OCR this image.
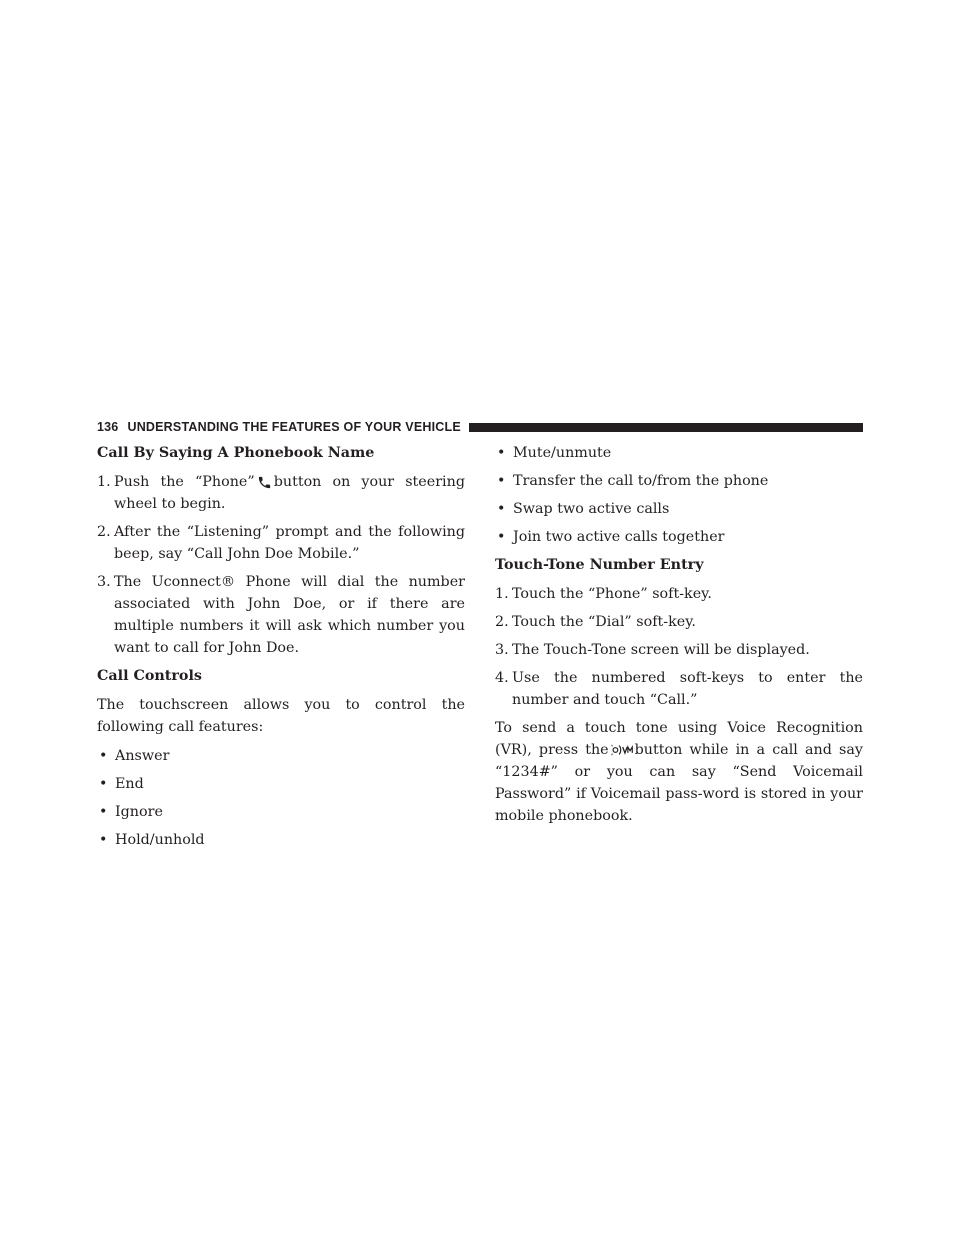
136 UNDERSTANDING THE FEATURES OF YOUR VEHICLE
Call By Saying A Phonebook Name
1. Push the “Phone” button on your steering wheel to begin.
2. After the “Listening” prompt and the following beep, say “Call John Doe Mobile.”
3. The Uconnect® Phone will dial the number associated with John Doe, or if there are multiple numbers it will ask which number you want to call for John Doe.
Call Controls
The touchscreen allows you to control the following call features:
• Answer
• End
• Ignore
• Hold/unhold
• Mute/unmute
• Transfer the call to/from the phone
• Swap two active calls
• Join two active calls together
Touch-Tone Number Entry
1. Touch the “Phone” soft-key.
2. Touch the “Dial” soft-key.
3. The Touch-Tone screen will be displayed.
4. Use the numbered soft-keys to enter the number and touch “Call.”
To send a touch tone using Voice Recognition (VR), press the button while in a call and say “1234#” or you can say “Send Voicemail Password” if Voicemail pass-word is stored in your mobile phonebook.
